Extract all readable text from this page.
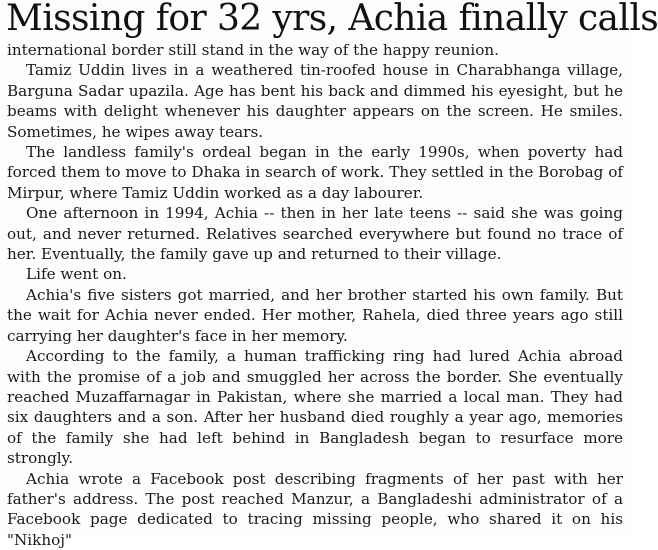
Missing for 32 yrs, Achia finally calls

international border still stand in the way of the happy reunion.

Tamiz Uddin lives in a weathered tin-roofed house in Charabhanga village, Barguna Sadar upazila. Age has bent his back and dimmed his eyesight, but he beams with delight whenever his daughter appears on the screen. He smiles. Sometimes, he wipes away tears.

The landless family's ordeal began in the early 1990s, when poverty had forced them to move to Dhaka in search of work. They settled in the Borobag of Mirpur, where Tamiz Uddin worked as a day labourer.

One afternoon in 1994, Achia -- then in her late teens -- said she was going out, and never returned. Relatives searched everywhere but found no trace of her. Eventually, the family gave up and returned to their village.

Life went on.

Achia's five sisters got married, and her brother started his own family. But the wait for Achia never ended. Her mother, Rahela, died three years ago still carrying her daughter's face in her memory.

According to the family, a human trafficking ring had lured Achia abroad with the promise of a job and smuggled her across the border. She eventually reached Muzaffarnagar in Pakistan, where she married a local man. They had six daughters and a son. After her husband died roughly a year ago, memories of the family she had left behind in Bangladesh began to resurface more strongly.

Achia wrote a Facebook post describing fragments of her past with her father's address. The post reached Manzur, a Bangladeshi administrator of a Facebook page dedicated to tracing missing people, who shared it on his "Nikhoj"
